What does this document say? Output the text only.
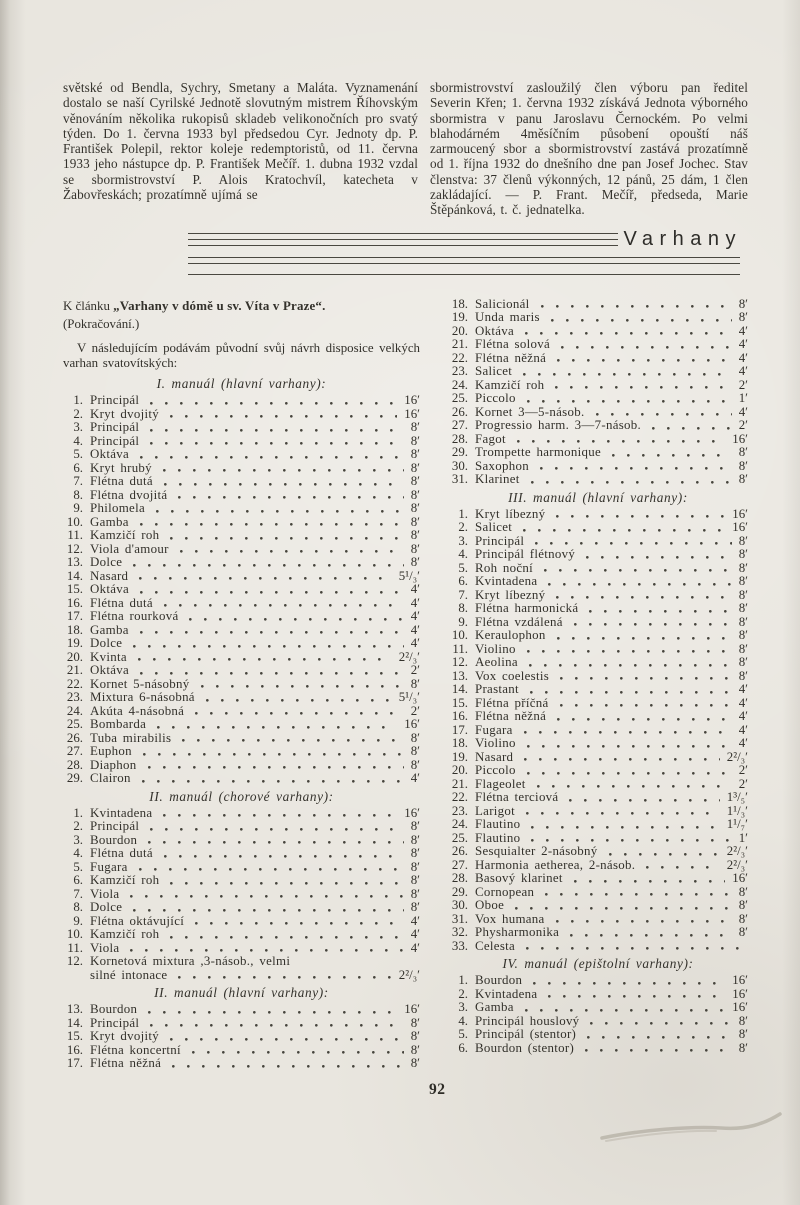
světské od Bendla, Sychry, Smetany a Maláta. Vyznamenání dostalo se naší Cyrilské Jednotě slovutným mistrem Říhovským věnováním několika rukopisů skladeb velikonočních pro svatý týden. Do 1. června 1933 byl předsedou Cyr. Jednoty dp. P. František Polepil, rektor koleje redemptoristů, od 11. června 1933 jeho nástupce dp. P. František Mečíř. 1. dubna 1932 vzdal se sbormistrovství P. Alois Kratochvíl, katecheta v Žabovřeskách; prozatímně ujímá se

sbormistrovství zasloužilý člen výboru pan ředitel Severin Křen; 1. června 1932 získává Jednota výborného sbormistra v panu Jaroslavu Černockém. Po velmi blahodárném 4měsíčním působení opouští náš zarmoucený sbor a sbormistrovství zastává prozatímně od 1. října 1932 do dnešního dne pan Josef Jochec. Stav členstva: 37 členů výkonných, 12 pánů, 25 dám, 1 člen zakládající. — P. Frant. Mečíř, předseda, Marie Štěpánková, t. č. jednatelka.

Varhany

K článku „Varhany v dómě u sv. Víta v Praze“.

(Pokračování.)

V následujícím podávám původní svůj návrh disposice velkých varhan svatovítských:

I. manuál (hlavní varhany):
1. Principál	16′
2. Kryt dvojitý	16′
3. Principál	8′
4. Principál	8′
5. Oktáva	8′
6. Kryt hrubý	8′
7. Flétna dutá	8′
8. Flétna dvojitá	8′
9. Philomela	8′
10. Gamba	8′
11. Kamzičí roh	8′
12. Viola d'amour	8′
13. Dolce	8′
14. Nasard	5¹/₃′
15. Oktáva	4′
16. Flétna dutá	4′
17. Flétna rourková	4′
18. Gamba	4′
19. Dolce	4′
20. Kvinta	2²/₃′
21. Oktáva	2′
22. Kornet 5-násobný	8′
23. Mixtura 6-násobná	5¹/₃′
24. Akúta 4-násobná	2′
25. Bombarda	16′
26. Tuba mirabilis	8′
27. Euphon	8′
28. Diaphon	8′
29. Clairon	4′
II. manuál (chorové varhany):
1. Kvintadena	16′
2. Principál	8′
3. Bourdon	8′
4. Flétna dutá	8′
5. Fugara	8′
6. Kamzičí roh	8′
7. Viola	8′
8. Dolce	8′
9. Flétna oktávující	4′
10. Kamzičí roh	4′
11. Viola	4′
12. Kornetová mixtura ,3-násob., velmi
silné intonace	2²/₃′
II. manuál (hlavní varhany):
13. Bourdon	16′
14. Principál	8′
15. Kryt dvojitý	8′
16. Flétna koncertní	8′
17. Flétna něžná	8′
18. Salicionál	8′
19. Unda maris	8′
20. Oktáva	4′
21. Flétna solová	4′
22. Flétna něžná	4′
23. Salicet	4′
24. Kamzičí roh	2′
25. Piccolo	1′
26. Kornet 3—5-násob.	4′
27. Progressio harm. 3—7-násob.	2′
28. Fagot	16′
29. Trompette harmonique	8′
30. Saxophon	8′
31. Klarinet	8′
III. manuál (hlavní varhany):
1. Kryt líbezný	16′
2. Salicet	16′
3. Principál	8′
4. Principál flétnový	8′
5. Roh noční	8′
6. Kvintadena	8′
7. Kryt líbezný	8′
8. Flétna harmonická	8′
9. Flétna vzdálená	8′
10. Keraulophon	8′
11. Violino	8′
12. Aeolina	8′
13. Vox coelestis	8′
14. Prastant	4′
15. Flétna příčná	4′
16. Flétna něžná	4′
17. Fugara	4′
18. Violino	4′
19. Nasard	2²/₃′
20. Piccolo	2′
21. Flageolet	2′
22. Flétna terciová	1³/₅′
23. Larigot	1¹/₃′
24. Flautino	1¹/₇′
25. Flautino	1′
26. Sesquialter 2-násobný	2²/₃′
27. Harmonia aetherea, 2-násob.	2²/₃′
28. Basový klarinet	16′
29. Cornopean	8′
30. Oboe	8′
31. Vox humana	8′
32. Physharmonika	8′
33. Celesta
IV. manuál (epištolní varhany):
1. Bourdon	16′
2. Kvintadena	16′
3. Gamba	16′
4. Principál houslový	8′
5. Principál (stentor)	8′
6. Bourdon (stentor)	8′
92
